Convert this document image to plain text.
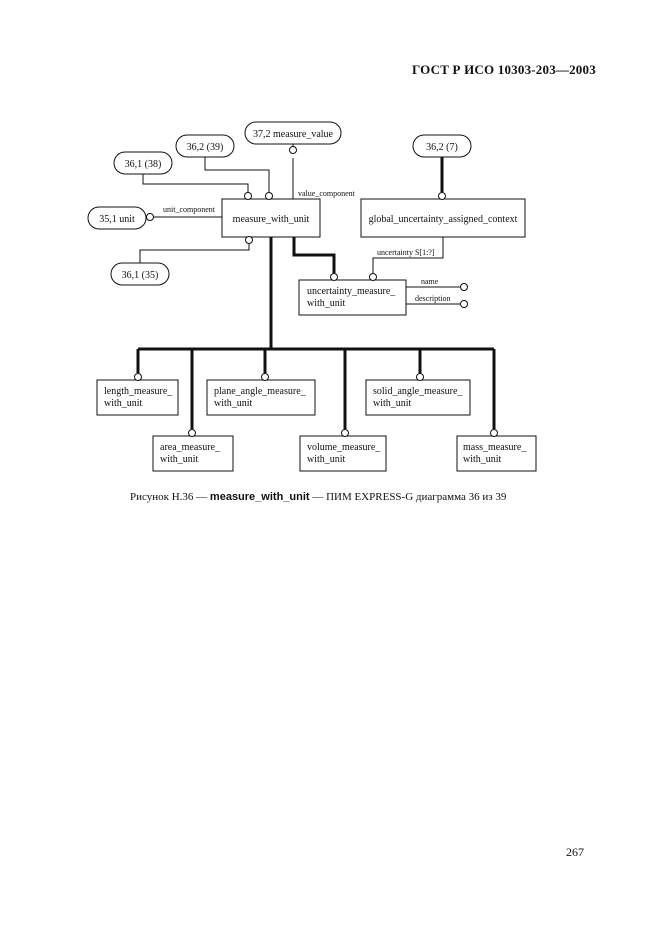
ГОСТ Р ИСО 10303-203—2003
37,2 measure_value
36,2 (39)
36,1 (38)
35,1 unit
36,1 (35)
36,2 (7)
measure_with_unit	global_uncertainty_assigned_context
uncertainty_measure_
with_unit
length_measure_
with_unit
plane_angle_measure_
with_unit
solid_angle_measure_
with_unit
area_measure_
with_unit
volume_measure_
with_unit
mass_measure_
with_unit
value_component
unit_component
uncertainty S[1:?]
name
description
Рисунок H.36 — measure_with_unit — ПИМ EXPRESS-G диаграмма 36 из 39
267
